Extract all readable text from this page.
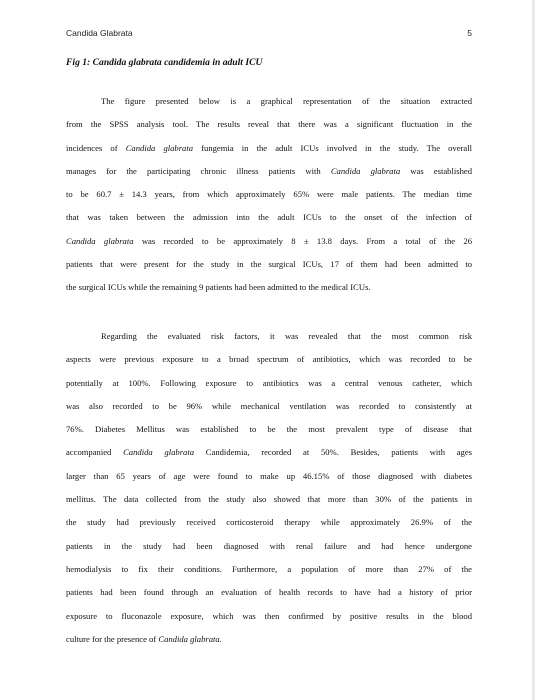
Candida Glabrata	5
Fig 1: Candida glabrata candidemia in adult ICU
The figure presented below is a graphical representation of the situation extracted
from the SPSS analysis tool. The results reveal that there was a significant fluctuation in the
incidences of Candida glabrata fungemia in the adult ICUs involved in the study. The overall
manages for the participating chronic illness patients with Candida glabrata was established
to be 60.7 ± 14.3 years, from which approximately 65% were male patients. The median time
that was taken between the admission into the adult ICUs to the onset of the infection of
Candida glabrata was recorded to be approximately 8 ± 13.8 days. From a total of the 26
patients that were present for the study in the surgical ICUs, 17 of them had been admitted to
the surgical ICUs while the remaining 9 patients had been admitted to the medical ICUs.
Regarding the evaluated risk factors, it was revealed that the most common risk
aspects were previous exposure to a broad spectrum of antibiotics, which was recorded to be
potentially at 100%. Following exposure to antibiotics was a central venous catheter, which
was also recorded to be 96% while mechanical ventilation was recorded to consistently at
76%. Diabetes Mellitus was established to be the most prevalent type of disease that
accompanied Candida glabrata Candidemia, recorded at 50%. Besides, patients with ages
larger than 65 years of age were found to make up 46.15% of those diagnosed with diabetes
mellitus. The data collected from the study also showed that more than 30% of the patients in
the study had previously received corticosteroid therapy while approximately 26.9% of the
patients in the study had been diagnosed with renal failure and had hence undergone
hemodialysis to fix their conditions. Furthermore, a population of more than 27% of the
patients had been found through an evaluation of health records to have had a history of prior
exposure to fluconazole exposure, which was then confirmed by positive results in the blood
culture for the presence of Candida glabrata.
